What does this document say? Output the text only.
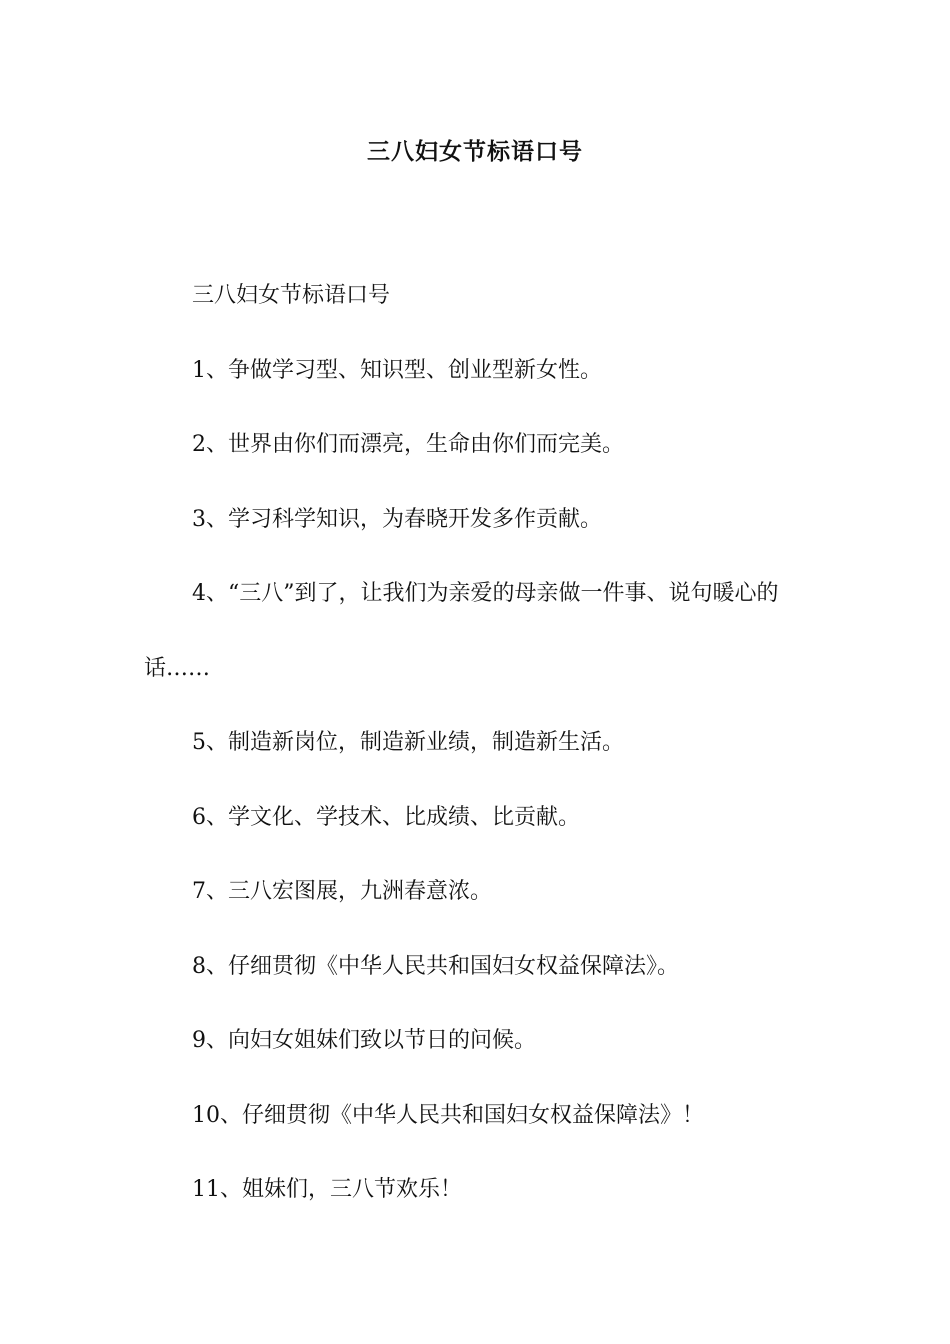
三八妇女节标语口号

三八妇女节标语口号

1、争做学习型、知识型、创业型新女性。

2、世界由你们而漂亮，生命由你们而完美。

3、学习科学知识，为春晓开发多作贡献。

4、“三八”到了，让我们为亲爱的母亲做一件事、说句暖心的话……

5、制造新岗位，制造新业绩，制造新生活。

6、学文化、学技术、比成绩、比贡献。

7、三八宏图展，九洲春意浓。

8、仔细贯彻《中华人民共和国妇女权益保障法》。

9、向妇女姐妹们致以节日的问候。

10、仔细贯彻《中华人民共和国妇女权益保障法》！

11、姐妹们，三八节欢乐！
